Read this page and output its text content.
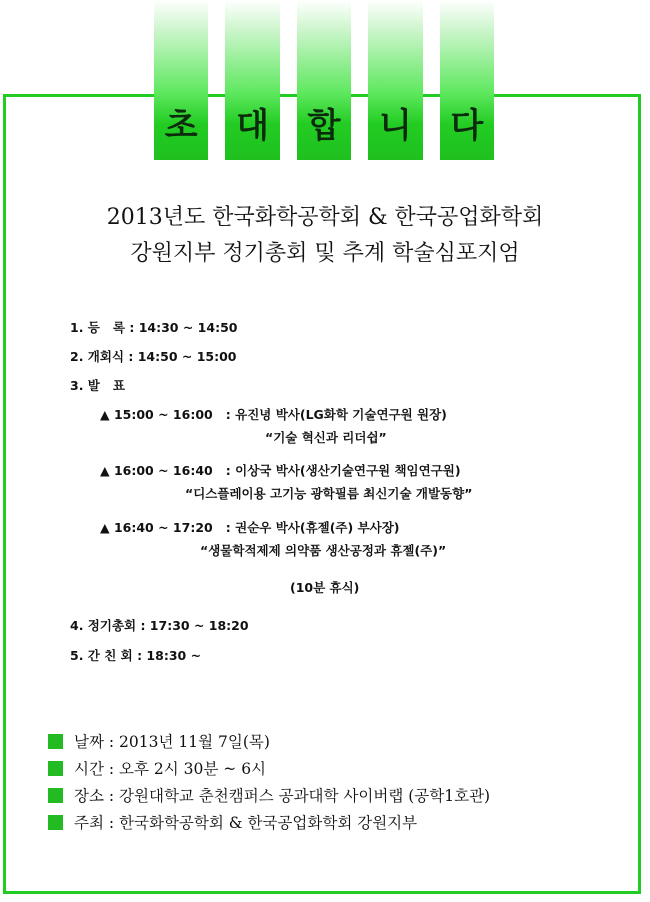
초	대	합	니	다
2013년도 한국화학공학회 & 한국공업화학회
강원지부 정기총회 및 추계 학술심포지엄
1. 등   록 : 14:30 ~ 14:50
2. 개회식 : 14:50 ~ 15:00
3. 발   표
▲ 15:00 ~ 16:00   : 유진녕 박사(LG화학 기술연구원 원장)
“기술 혁신과 리더쉽”
▲ 16:00 ~ 16:40   : 이상국 박사(생산기술연구원 책임연구원)
“디스플레이용 고기능 광학필름 최신기술 개발동향”
▲ 16:40 ~ 17:20   : 권순우 박사(휴젤(주) 부사장)
“생물학적제제 의약품 생산공정과 휴젤(주)”
(10분 휴식)
4. 정기총회 : 17:30 ~ 18:20
5. 간 친 회 : 18:30 ~
날짜 : 2013년 11월 7일(목)
시간 : 오후 2시 30분 ~ 6시
장소 : 강원대학교 춘천캠퍼스 공과대학 사이버랩 (공학1호관)
주최 : 한국화학공학회 & 한국공업화학회 강원지부
